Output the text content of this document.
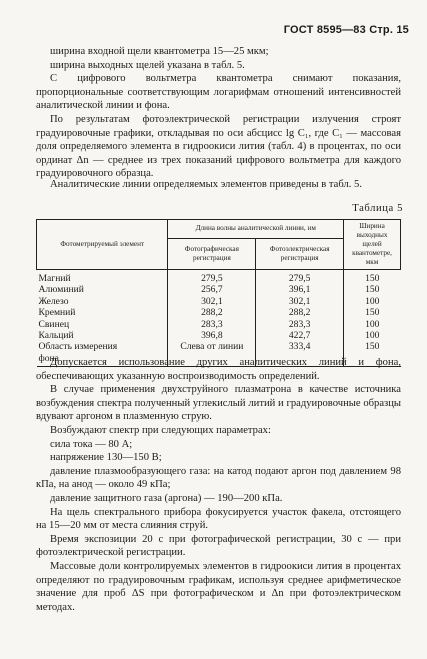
ГОСТ 8595—83 Стр. 15

ширина входной щели квантометра 15—25 мкм;

ширина выходных щелей указана в табл. 5.

С цифрового вольтметра квантометра снимают показания, пропорциональные соответствующим логарифмам отношений интенсивностей аналитической линии и фона.

По результатам фотоэлектрической регистрации излучения строят градуировочные графики, откладывая по оси абсцисс lg C₁, где C₁ — массовая доля определяемого элемента в гидроокиси лития (табл. 4) в процентах, по оси ординат Δn — среднее из трех показаний цифрового вольтметра для каждого градуировочного образца.

Аналитические линии определяемых элементов приведены в табл. 5.

Таблица 5
Фотометрируемый элемент	Длина волны аналитической линии, нм		Ширина выходных щелей квантометре, мкм
	Фотографическая регистрация	Фотоэлектрическая регистрация	
Магний	279,5	279,5	150
Алюминий	256,7	396,1	150
Железо	302,1	302,1	100
Кремний	288,2	288,2	150
Свинец	283,3	283,3	100
Кальций	396,8	422,7	100
Область измерения	Слева от линии	333,4	150
фона			

Допускается использование других аналитических линий и фона, обеспечивающих указанную воспроизводимость определений.

В случае применения двухструйного плазматрона в качестве источника возбуждения спектра полученный углекислый литий и градуировочные образцы вдувают аргоном в плазменную струю.

Возбуждают спектр при следующих параметрах:

сила тока — 80 А;

напряжение 130—150 В;

давление плазмообразующего газа: на катод подают аргон под давлением 98 кПа, на анод — около 49 кПа;

давление защитного газа (аргона) — 190—200 кПа.

На щель спектрального прибора фокусируется участок факела, отстоящего на 15—20 мм от места слияния струй.

Время экспозиции 20 с при фотографической регистрации, 30 с — при фотоэлектрической регистрации.

Массовые доли контролируемых элементов в гидроокиси лития в процентах определяют по градуировочным графикам, используя среднее арифметическое значение для проб ΔS при фотографическом и Δn при фотоэлектрическом методах.
